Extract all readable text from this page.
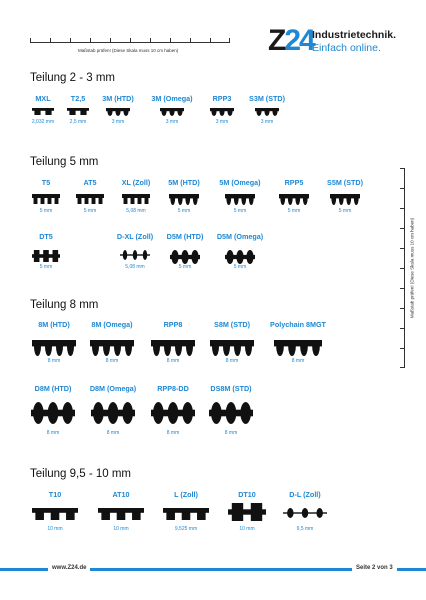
Maßstab prüfen! (Diese Skala muss 10 cm haben)	Z24
Industrietechnik.
Einfach online.
Maßstab prüfen! (Diese Skala muss 10 cm haben)
Teilung 2 - 3 mm
MXL
2,032 mm
T2,5
2,5 mm
3M (HTD)
3 mm
3M (Omega)
3 mm
RPP3
3 mm
S3M (STD)
3 mm
Teilung 5 mm
T5
5 mm
AT5
5 mm
XL (Zoll)
5,08 mm
5M (HTD)
5 mm
5M (Omega)
5 mm
RPP5
5 mm
S5M (STD)
5 mm
DT5
5 mm
D-XL (Zoll)
5,08 mm
D5M (HTD)
5 mm
D5M (Omega)
5 mm
Teilung 8 mm
8M (HTD)
8 mm
8M (Omega)
8 mm
RPP8
8 mm
S8M (STD)
8 mm
Polychain 8MGT
8 mm
D8M (HTD)
8 mm
D8M (Omega)
8 mm
RPP8-DD
8 mm
DS8M (STD)
8 mm
Teilung 9,5 - 10 mm
T10
10 mm
AT10
10 mm
L (Zoll)
9,525 mm
DT10
10 mm
D-L (Zoll)
9,5 mm
www.Z24.de	Seite 2 von 3
